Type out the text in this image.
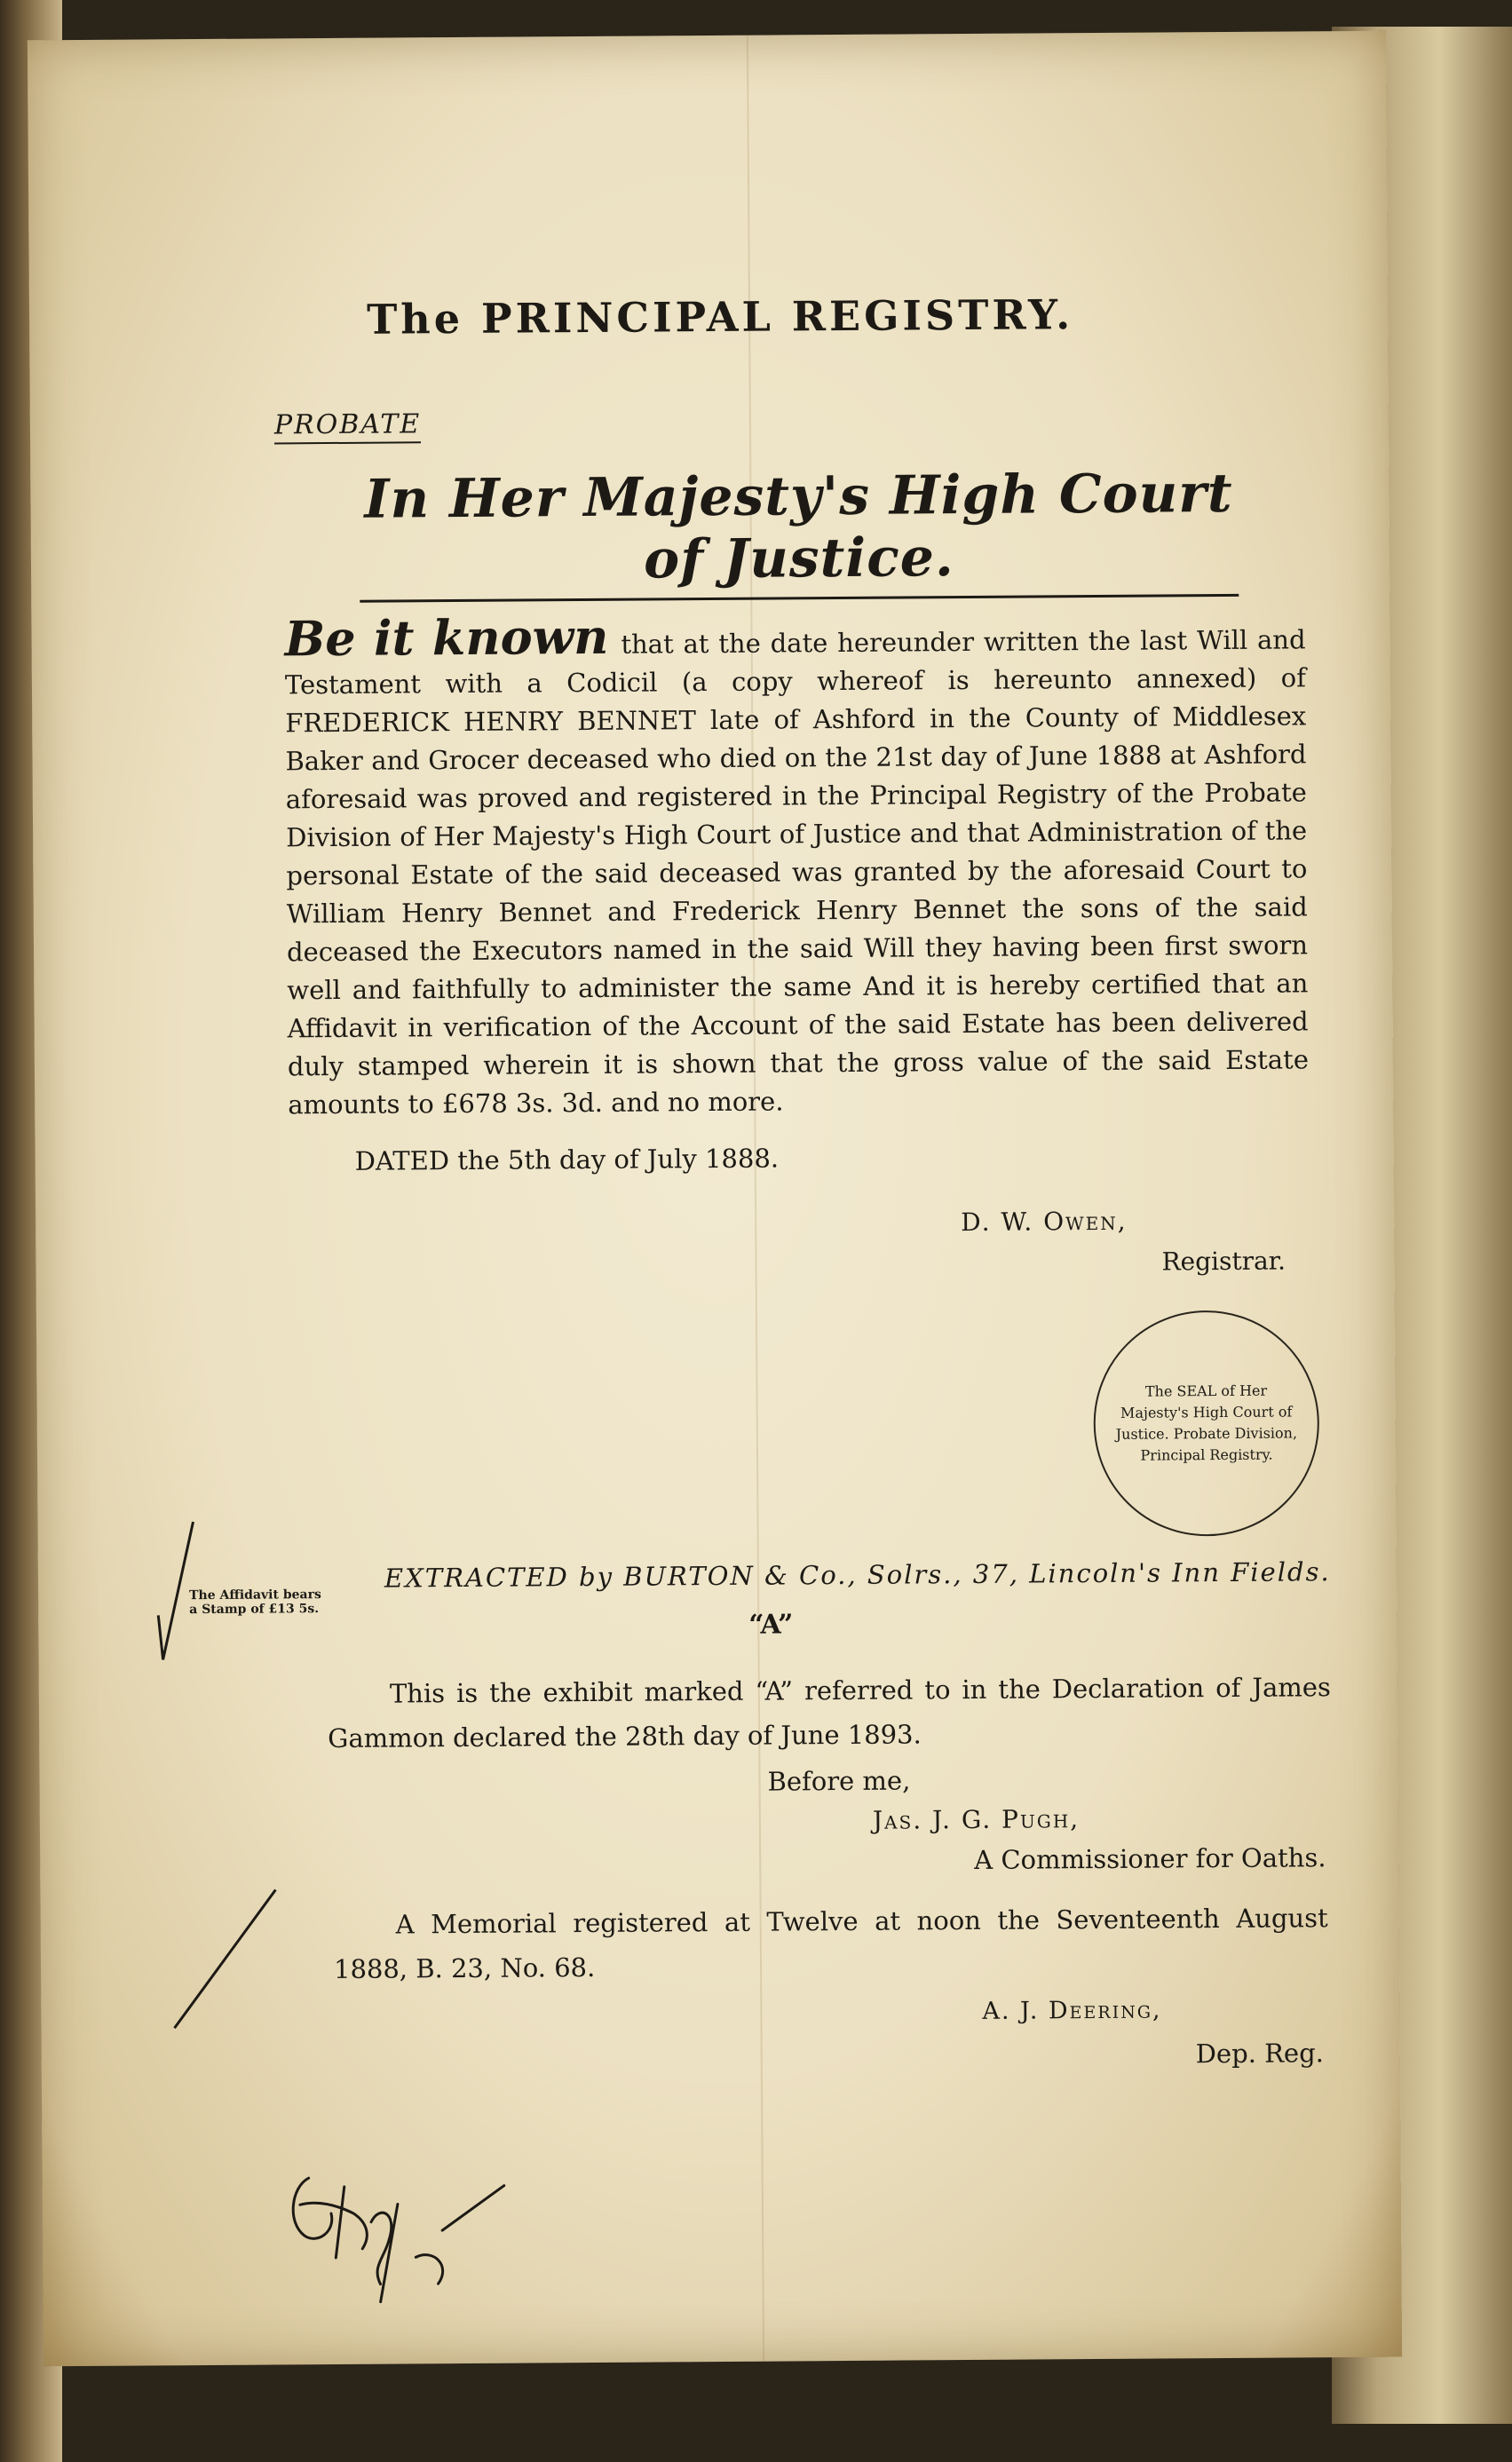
The PRINCIPAL REGISTRY.
PROBATE
In Her Majesty's High Court of Justice.
Be it known that at the date hereunder written the last Will and Testament with a Codicil (a copy whereof is hereunto annexed) of FREDERICK HENRY BENNET late of Ashford in the County of Middlesex Baker and Grocer deceased who died on the 21st day of June 1888 at Ashford aforesaid was proved and registered in the Principal Registry of the Probate Division of Her Majesty's High Court of Justice and that Administration of the personal Estate of the said deceased was granted by the aforesaid Court to William Henry Bennet and Frederick Henry Bennet the sons of the said deceased the Executors named in the said Will they having been first sworn well and faithfully to administer the same And it is hereby certified that an Affidavit in verification of the Account of the said Estate has been delivered duly stamped wherein it is shown that the gross value of the said Estate amounts to £678 3s. 3d. and no more.
DATED the 5th day of July 1888.
D. W. Owen,
Registrar.
The SEAL of Her Majesty's High Court of Justice. Probate Division, Principal Registry.
The Affidavit bears a Stamp of £13 5s.
EXTRACTED by BURTON & Co., Solrs., 37, Lincoln's Inn Fields.
“A”
This is the exhibit marked “A” referred to in the Declaration of James Gammon declared the 28th day of June 1893.
Before me,
Jas. J. G. Pugh,
A Commissioner for Oaths.
A Memorial registered at Twelve at noon the Seventeenth August 1888, B. 23, No. 68.
A. J. Deering,
Dep. Reg.
